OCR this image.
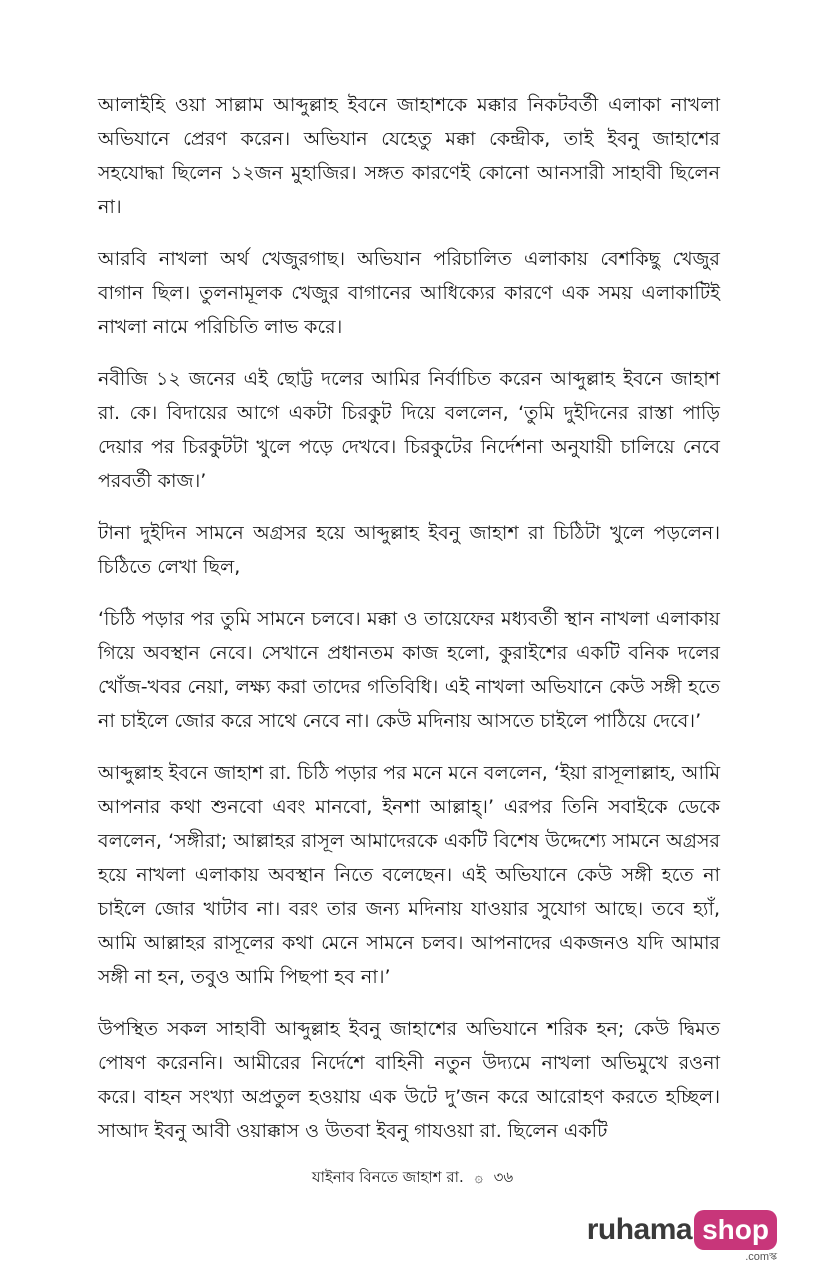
আলাইহি ওয়া সাল্লাম আব্দুল্লাহ ইবনে জাহাশকে মক্কার নিকটবর্তী এলাকা নাখলা অভিযানে প্রেরণ করেন। অভিযান যেহেতু মক্কা কেন্দ্রীক, তাই ইবনু জাহাশের সহযোদ্ধা ছিলেন ১২জন মুহাজির। সঙ্গত কারণেই কোনো আনসারী সাহাবী ছিলেন না।

আরবি নাখলা অর্থ খেজুরগাছ। অভিযান পরিচালিত এলাকায় বেশকিছু খেজুর বাগান ছিল। তুলনামূলক খেজুর বাগানের আধিক্যের কারণে এক সময় এলাকাটিই নাখলা নামে পরিচিতি লাভ করে।

নবীজি ১২ জনের এই ছোট্ট দলের আমির নির্বাচিত করেন আব্দুল্লাহ ইবনে জাহাশ রা. কে। বিদায়ের আগে একটা চিরকুট দিয়ে বললেন, ‘তুমি দুইদিনের রাস্তা পাড়ি দেয়ার পর চিরকুটটা খুলে পড়ে দেখবে। চিরকুটের নির্দেশনা অনুযায়ী চালিয়ে নেবে পরবর্তী কাজ।’

টানা দুইদিন সামনে অগ্রসর হয়ে আব্দুল্লাহ ইবনু জাহাশ রা চিঠিটা খুলে পড়লেন। চিঠিতে লেখা ছিল,

‘চিঠি পড়ার পর তুমি সামনে চলবে। মক্কা ও তায়েফের মধ্যবর্তী স্থান নাখলা এলাকায় গিয়ে অবস্থান নেবে। সেখানে প্রধানতম কাজ হলো, কুরাইশের একটি বনিক দলের খোঁজ-খবর নেয়া, লক্ষ্য করা তাদের গতিবিধি। এই নাখলা অভিযানে কেউ সঙ্গী হতে না চাইলে জোর করে সাথে নেবে না। কেউ মদিনায় আসতে চাইলে পাঠিয়ে দেবে।’

আব্দুল্লাহ ইবনে জাহাশ রা. চিঠি পড়ার পর মনে মনে বললেন, ‘ইয়া রাসূলাল্লাহ, আমি আপনার কথা শুনবো এবং মানবো, ইনশা আল্লাহ্।’ এরপর তিনি সবাইকে ডেকে বললেন, ‘সঙ্গীরা; আল্লাহর রাসূল আমাদেরকে একটি বিশেষ উদ্দেশ্যে সামনে অগ্রসর হয়ে নাখলা এলাকায় অবস্থান নিতে বলেছেন। এই অভিযানে কেউ সঙ্গী হতে না চাইলে জোর খাটাব না। বরং তার জন্য মদিনায় যাওয়ার সুযোগ আছে। তবে হ্যাঁ, আমি আল্লাহর রাসূলের কথা মেনে সামনে চলব। আপনাদের একজনও যদি আমার সঙ্গী না হন, তবুও আমি পিছপা হব না।’

উপস্থিত সকল সাহাবী আব্দুল্লাহ ইবনু জাহাশের অভিযানে শরিক হন; কেউ দ্বিমত পোষণ করেননি। আমীরের নির্দেশে বাহিনী নতুন উদ্যমে নাখলা অভিমুখে রওনা করে। বাহন সংখ্যা অপ্রতুল হওয়ায় এক উটে দু’জন করে আরোহণ করতে হচ্ছিল। সাআদ ইবনু আবী ওয়াক্কাস ও উতবা ইবনু গাযওয়া রা. ছিলেন একটি

যাইনাব বিনতে জাহাশ রা. ۞ ৩৬
ruhama shop
.comস্ক
